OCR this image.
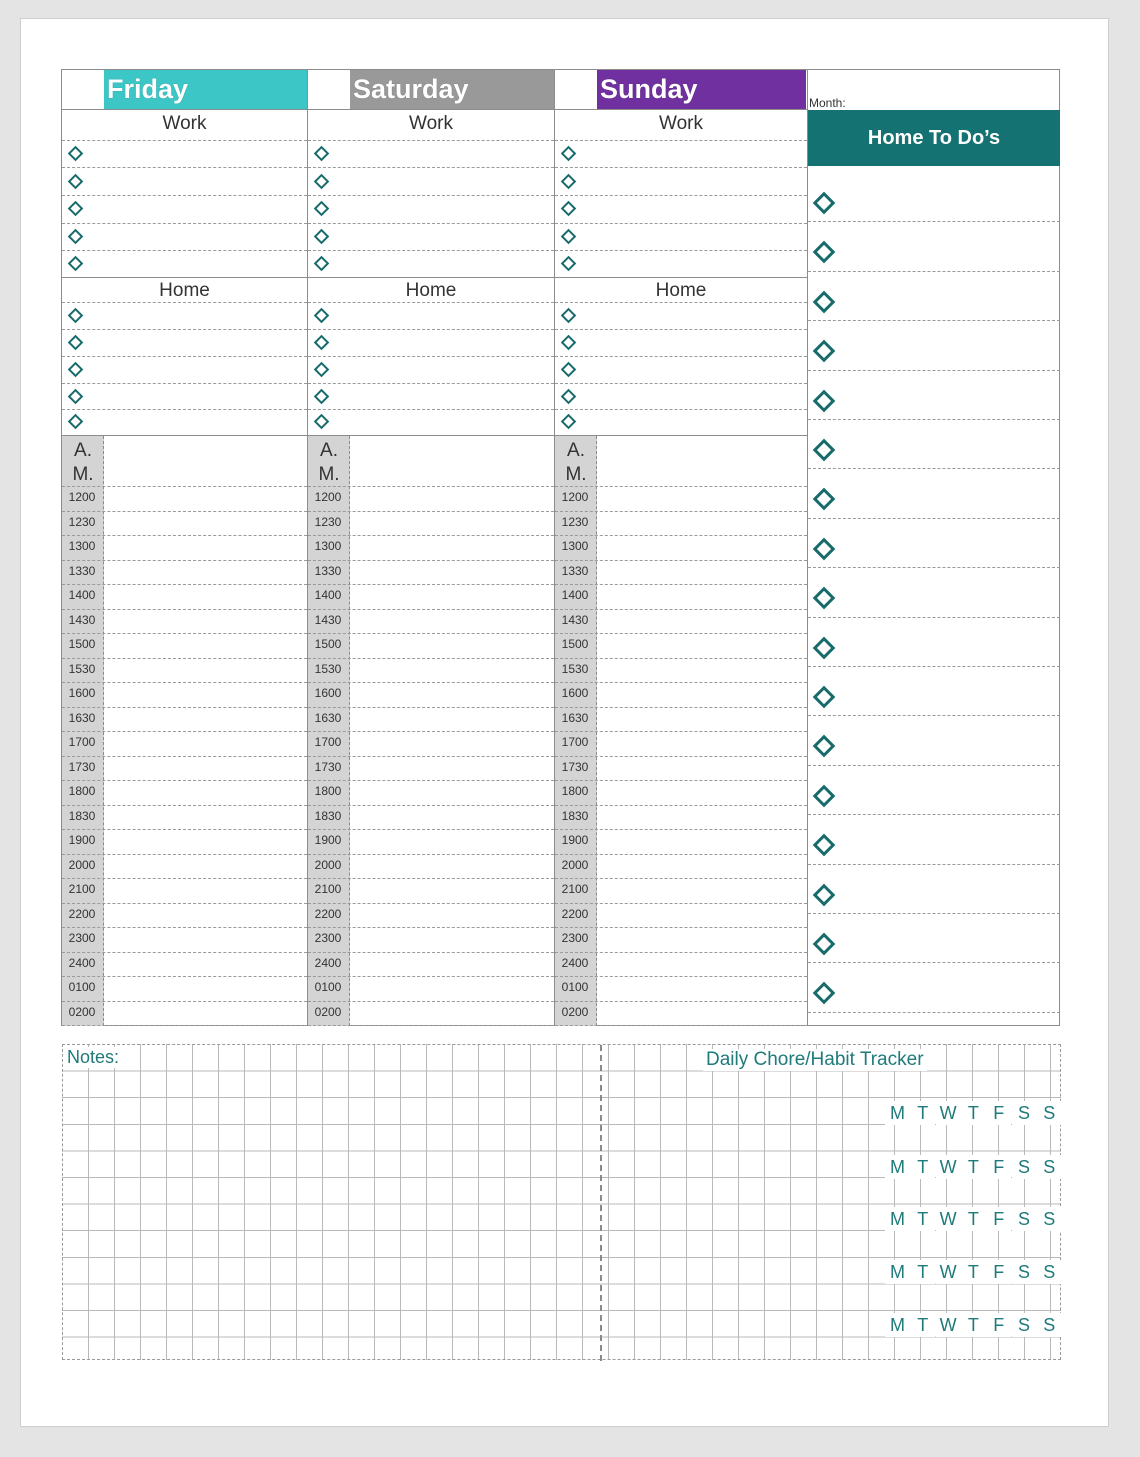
Friday
Work
Home
A.
M.
1200
1230
1300
1330
1400
1430
1500
1530
1600
1630
1700
1730
1800
1830
1900
2000
2100
2200
2300
2400
0100
0200
Saturday
Work
Home
A.
M.
1200
1230
1300
1330
1400
1430
1500
1530
1600
1630
1700
1730
1800
1830
1900
2000
2100
2200
2300
2400
0100
0200
Sunday
Work
Home
A.
M.
1200
1230
1300
1330
1400
1430
1500
1530
1600
1630
1700
1730
1800
1830
1900
2000
2100
2200
2300
2400
0100
0200
Month:
Home To Do’s
Notes:	Daily Chore/Habit Tracker
M T W T F S S
M T W T F S S
M T W T F S S
M T W T F S S
M T W T F S S
